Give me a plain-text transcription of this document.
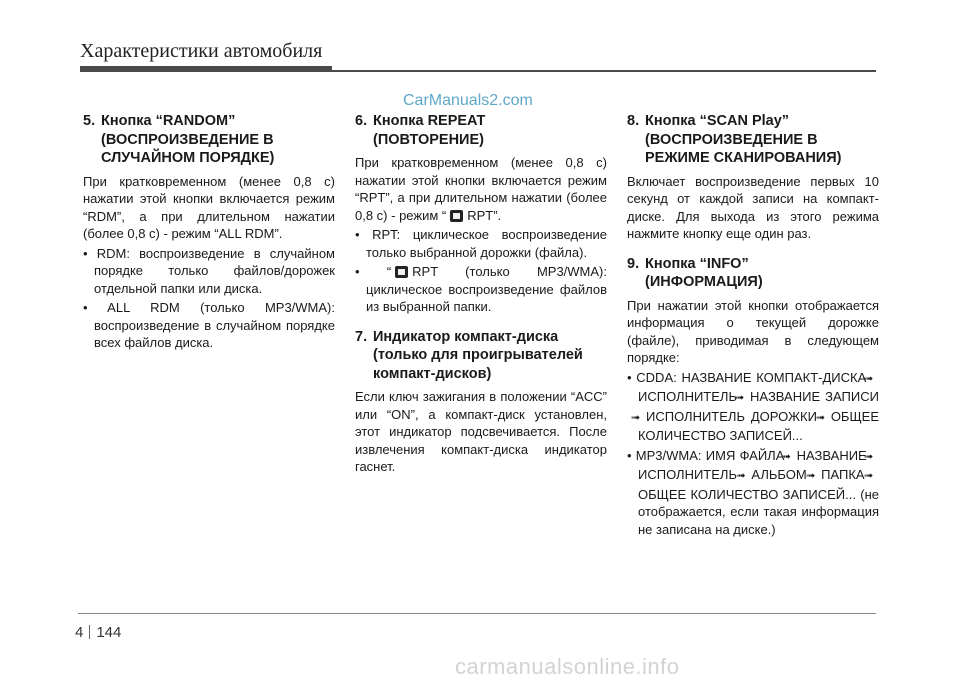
Характеристики автомобиля
CarManuals2.com

5. Кнопка “RANDOM”
(ВОСПРОИЗВЕДЕНИЕ В
СЛУЧАЙНОМ ПОРЯДКЕ)

При кратковременном (менее 0,8 с) нажатии этой кнопки включается режим “RDM”, а при длительном нажатии (более 0,8 с) - режим “ALL RDM”.

• RDM: воспроизведение в случайном порядке только файлов/дорожек отдельной папки или диска.

• ALL RDM (только MP3/WMA): воспроизведение в случайном порядке всех файлов диска.

6. Кнопка REPEAT
(ПОВТОРЕНИЕ)

При кратковременном (менее 0,8 с) нажатии этой кнопки включается режим “RPT”, а при длительном нажатии (более 0,8 с) - режим “ RPT”.

• RPT: циклическое воспроизведение только выбранной дорожки (файла).

• “ RPT (только MP3/WMA): циклическое воспроизведение файлов из выбранной папки.

7. Индикатор компакт-диска
(только для проигрывателей
компакт-дисков)

Если ключ зажигания в положении “ACC” или “ON”, а компакт-диск установлен, этот индикатор подсвечивается. После извлечения компакт-диска индикатор гаснет.

8. Кнопка “SCAN Play”
(ВОСПРОИЗВЕДЕНИЕ В
РЕЖИМЕ СКАНИРОВАНИЯ)

Включает воспроизведение первых 10 секунд от каждой записи на компакт-диске. Для выхода из этого режима нажмите кнопку еще один раз.

9. Кнопка “INFO”
(ИНФОРМАЦИЯ)

При нажатии этой кнопки отображается информация о текущей дорожке (файле), приводимая в следующем порядке:

• CDDA: НАЗВАНИЕ КОМПАКТ-ДИСКА ➟ИСПОЛНИТЕЛЬ ➟ НАЗВАНИЕ ЗАПИСИ ➟ ИСПОЛНИТЕЛЬ ДОРОЖКИ ➟ ОБЩЕЕ КОЛИЧЕСТВО ЗАПИСЕЙ...

• MP3/WMA: ИМЯ ФАЙЛА ➟ НАЗВАНИЕ ➟ИСПОЛНИТЕЛЬ ➟ АЛЬБОМ ➟ ПАПКА ➟ОБЩЕЕ КОЛИЧЕСТВО ЗАПИСЕЙ... (не отображается, если такая информация не записана на диске.)

4 144
carmanualsonline.info
